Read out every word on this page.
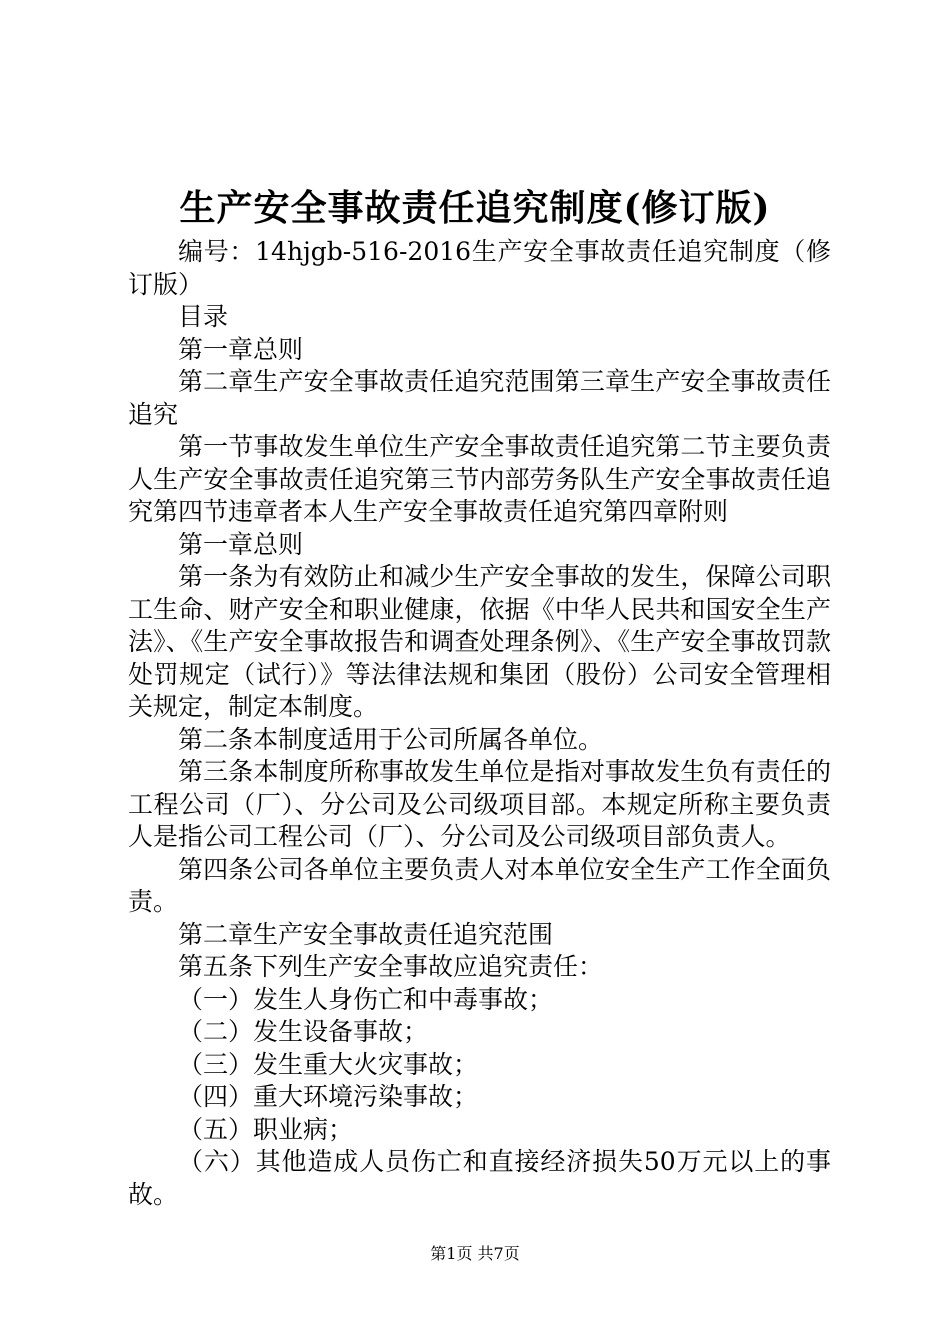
生产安全事故责任追究制度(修订版)

编号：14hjgb-516-2016生产安全事故责任追究制度（修订版）

目录

第一章总则

第二章生产安全事故责任追究范围第三章生产安全事故责任追究

第一节事故发生单位生产安全事故责任追究第二节主要负责人生产安全事故责任追究第三节内部劳务队生产安全事故责任追究第四节违章者本人生产安全事故责任追究第四章附则

第一章总则

第一条为有效防止和减少生产安全事故的发生，保障公司职工生命、财产安全和职业健康，依据《中华人民共和国安全生产法》、《生产安全事故报告和调查处理条例》、《生产安全事故罚款处罚规定（试行）》等法律法规和集团（股份）公司安全管理相关规定，制定本制度。

第二条本制度适用于公司所属各单位。

第三条本制度所称事故发生单位是指对事故发生负有责任的工程公司（厂）、分公司及公司级项目部。本规定所称主要负责人是指公司工程公司（厂）、分公司及公司级项目部负责人。

第四条公司各单位主要负责人对本单位安全生产工作全面负责。

第二章生产安全事故责任追究范围

第五条下列生产安全事故应追究责任：

（一）发生人身伤亡和中毒事故；

（二）发生设备事故；

（三）发生重大火灾事故；

（四）重大环境污染事故；

（五）职业病；

（六）其他造成人员伤亡和直接经济损失50万元以上的事故。

第1页 共7页
